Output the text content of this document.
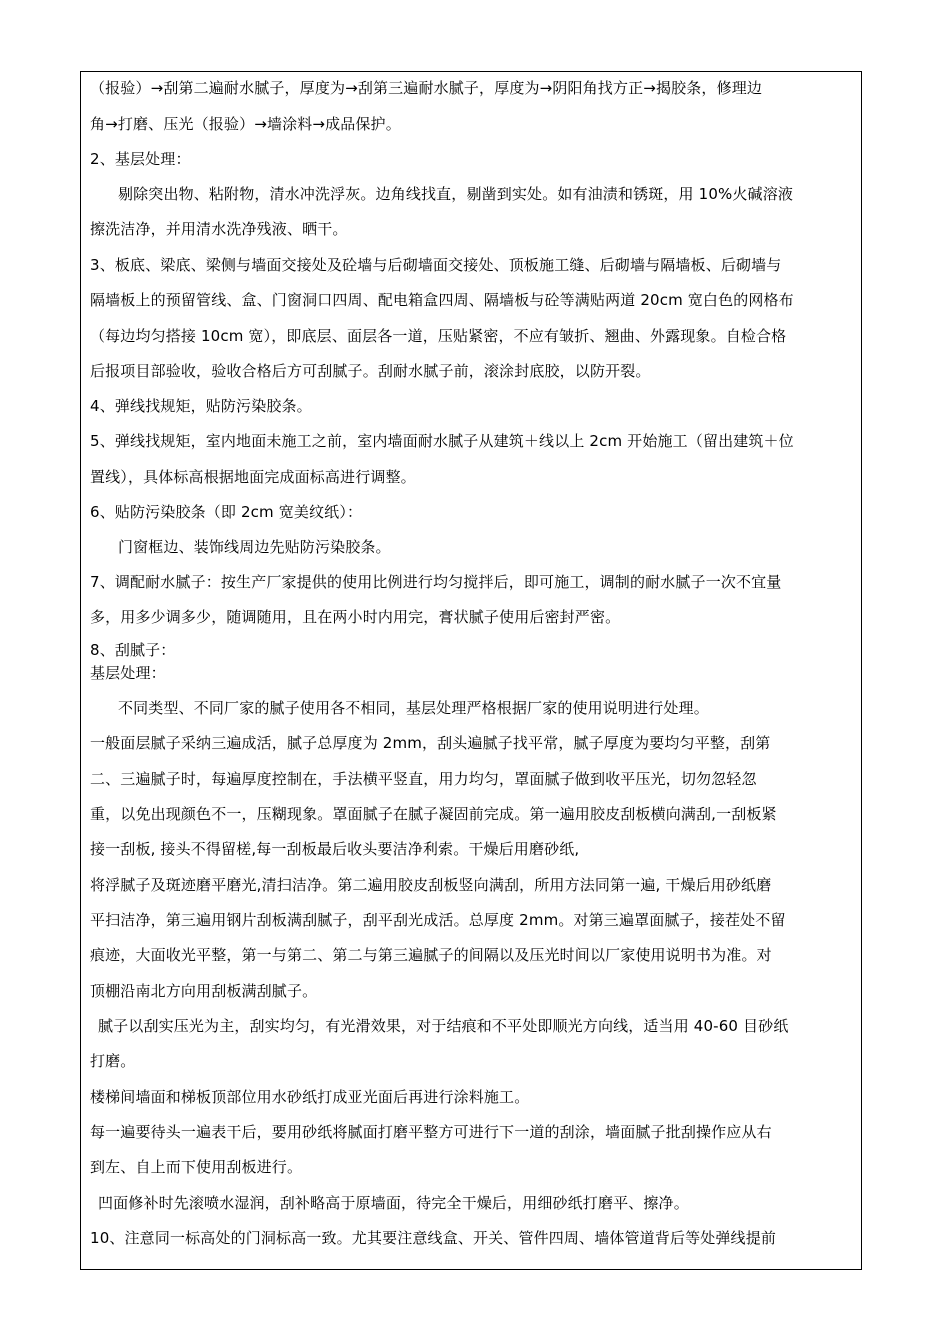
（报验）→刮第二遍耐水腻子，厚度为→刮第三遍耐水腻子，厚度为→阴阳角找方正→揭胶条，修理边
角→打磨、压光（报验）→墙涂料→成品保护。
2、基层处理：
剔除突出物、粘附物，清水冲洗浮灰。边角线找直，剔凿到实处。如有油渍和锈斑，用 10%火碱溶液
擦洗洁净，并用清水洗净残液、晒干。
3、板底、梁底、梁侧与墙面交接处及砼墙与后砌墙面交接处、顶板施工缝、后砌墙与隔墙板、后砌墙与
隔墙板上的预留管线、盒、门窗洞口四周、配电箱盒四周、隔墙板与砼等满贴两道 20cm 宽白色的网格布
（每边均匀搭接 10cm 宽），即底层、面层各一道，压贴紧密，不应有皱折、翘曲、外露现象。自检合格
后报项目部验收，验收合格后方可刮腻子。刮耐水腻子前，滚涂封底胶，以防开裂。
4、弹线找规矩，贴防污染胶条。
5、弹线找规矩，室内地面未施工之前，室内墙面耐水腻子从建筑＋线以上 2cm 开始施工（留出建筑＋位
置线），具体标高根据地面完成面标高进行调整。
6、贴防污染胶条（即 2cm 宽美纹纸）：
门窗框边、装饰线周边先贴防污染胶条。
7、调配耐水腻子：按生产厂家提供的使用比例进行均匀搅拌后，即可施工，调制的耐水腻子一次不宜量
多，用多少调多少，随调随用，且在两小时内用完，膏状腻子使用后密封严密。
8、刮腻子：
基层处理：
不同类型、不同厂家的腻子使用各不相同，基层处理严格根据厂家的使用说明进行处理。
一般面层腻子采纳三遍成活，腻子总厚度为 2mm，刮头遍腻子找平常，腻子厚度为要均匀平整，刮第
二、三遍腻子时，每遍厚度控制在，手法横平竖直，用力均匀，罩面腻子做到收平压光，切勿忽轻忽
重，以免出现颜色不一，压糊现象。罩面腻子在腻子凝固前完成。第一遍用胶皮刮板横向满刮,一刮板紧
接一刮板, 接头不得留槎,每一刮板最后收头要洁净利索。干燥后用磨砂纸,
将浮腻子及斑迹磨平磨光,清扫洁净。第二遍用胶皮刮板竖向满刮，所用方法同第一遍, 干燥后用砂纸磨
平扫洁净，第三遍用钢片刮板满刮腻子，刮平刮光成活。总厚度 2mm。对第三遍罩面腻子，接茬处不留
痕迹，大面收光平整，第一与第二、第二与第三遍腻子的间隔以及压光时间以厂家使用说明书为准。对
顶棚沿南北方向用刮板满刮腻子。
腻子以刮实压光为主，刮实均匀，有光滑效果，对于结痕和不平处即顺光方向线，适当用 40-60 目砂纸
打磨。
楼梯间墙面和梯板顶部位用水砂纸打成亚光面后再进行涂料施工。
每一遍要待头一遍表干后，要用砂纸将腻面打磨平整方可进行下一道的刮涂，墙面腻子批刮操作应从右
到左、自上而下使用刮板进行。
凹面修补时先滚喷水湿润，刮补略高于原墙面，待完全干燥后，用细砂纸打磨平、擦净。
10、注意同一标高处的门洞标高一致。尤其要注意线盒、开关、管件四周、墙体管道背后等处弹线提前
